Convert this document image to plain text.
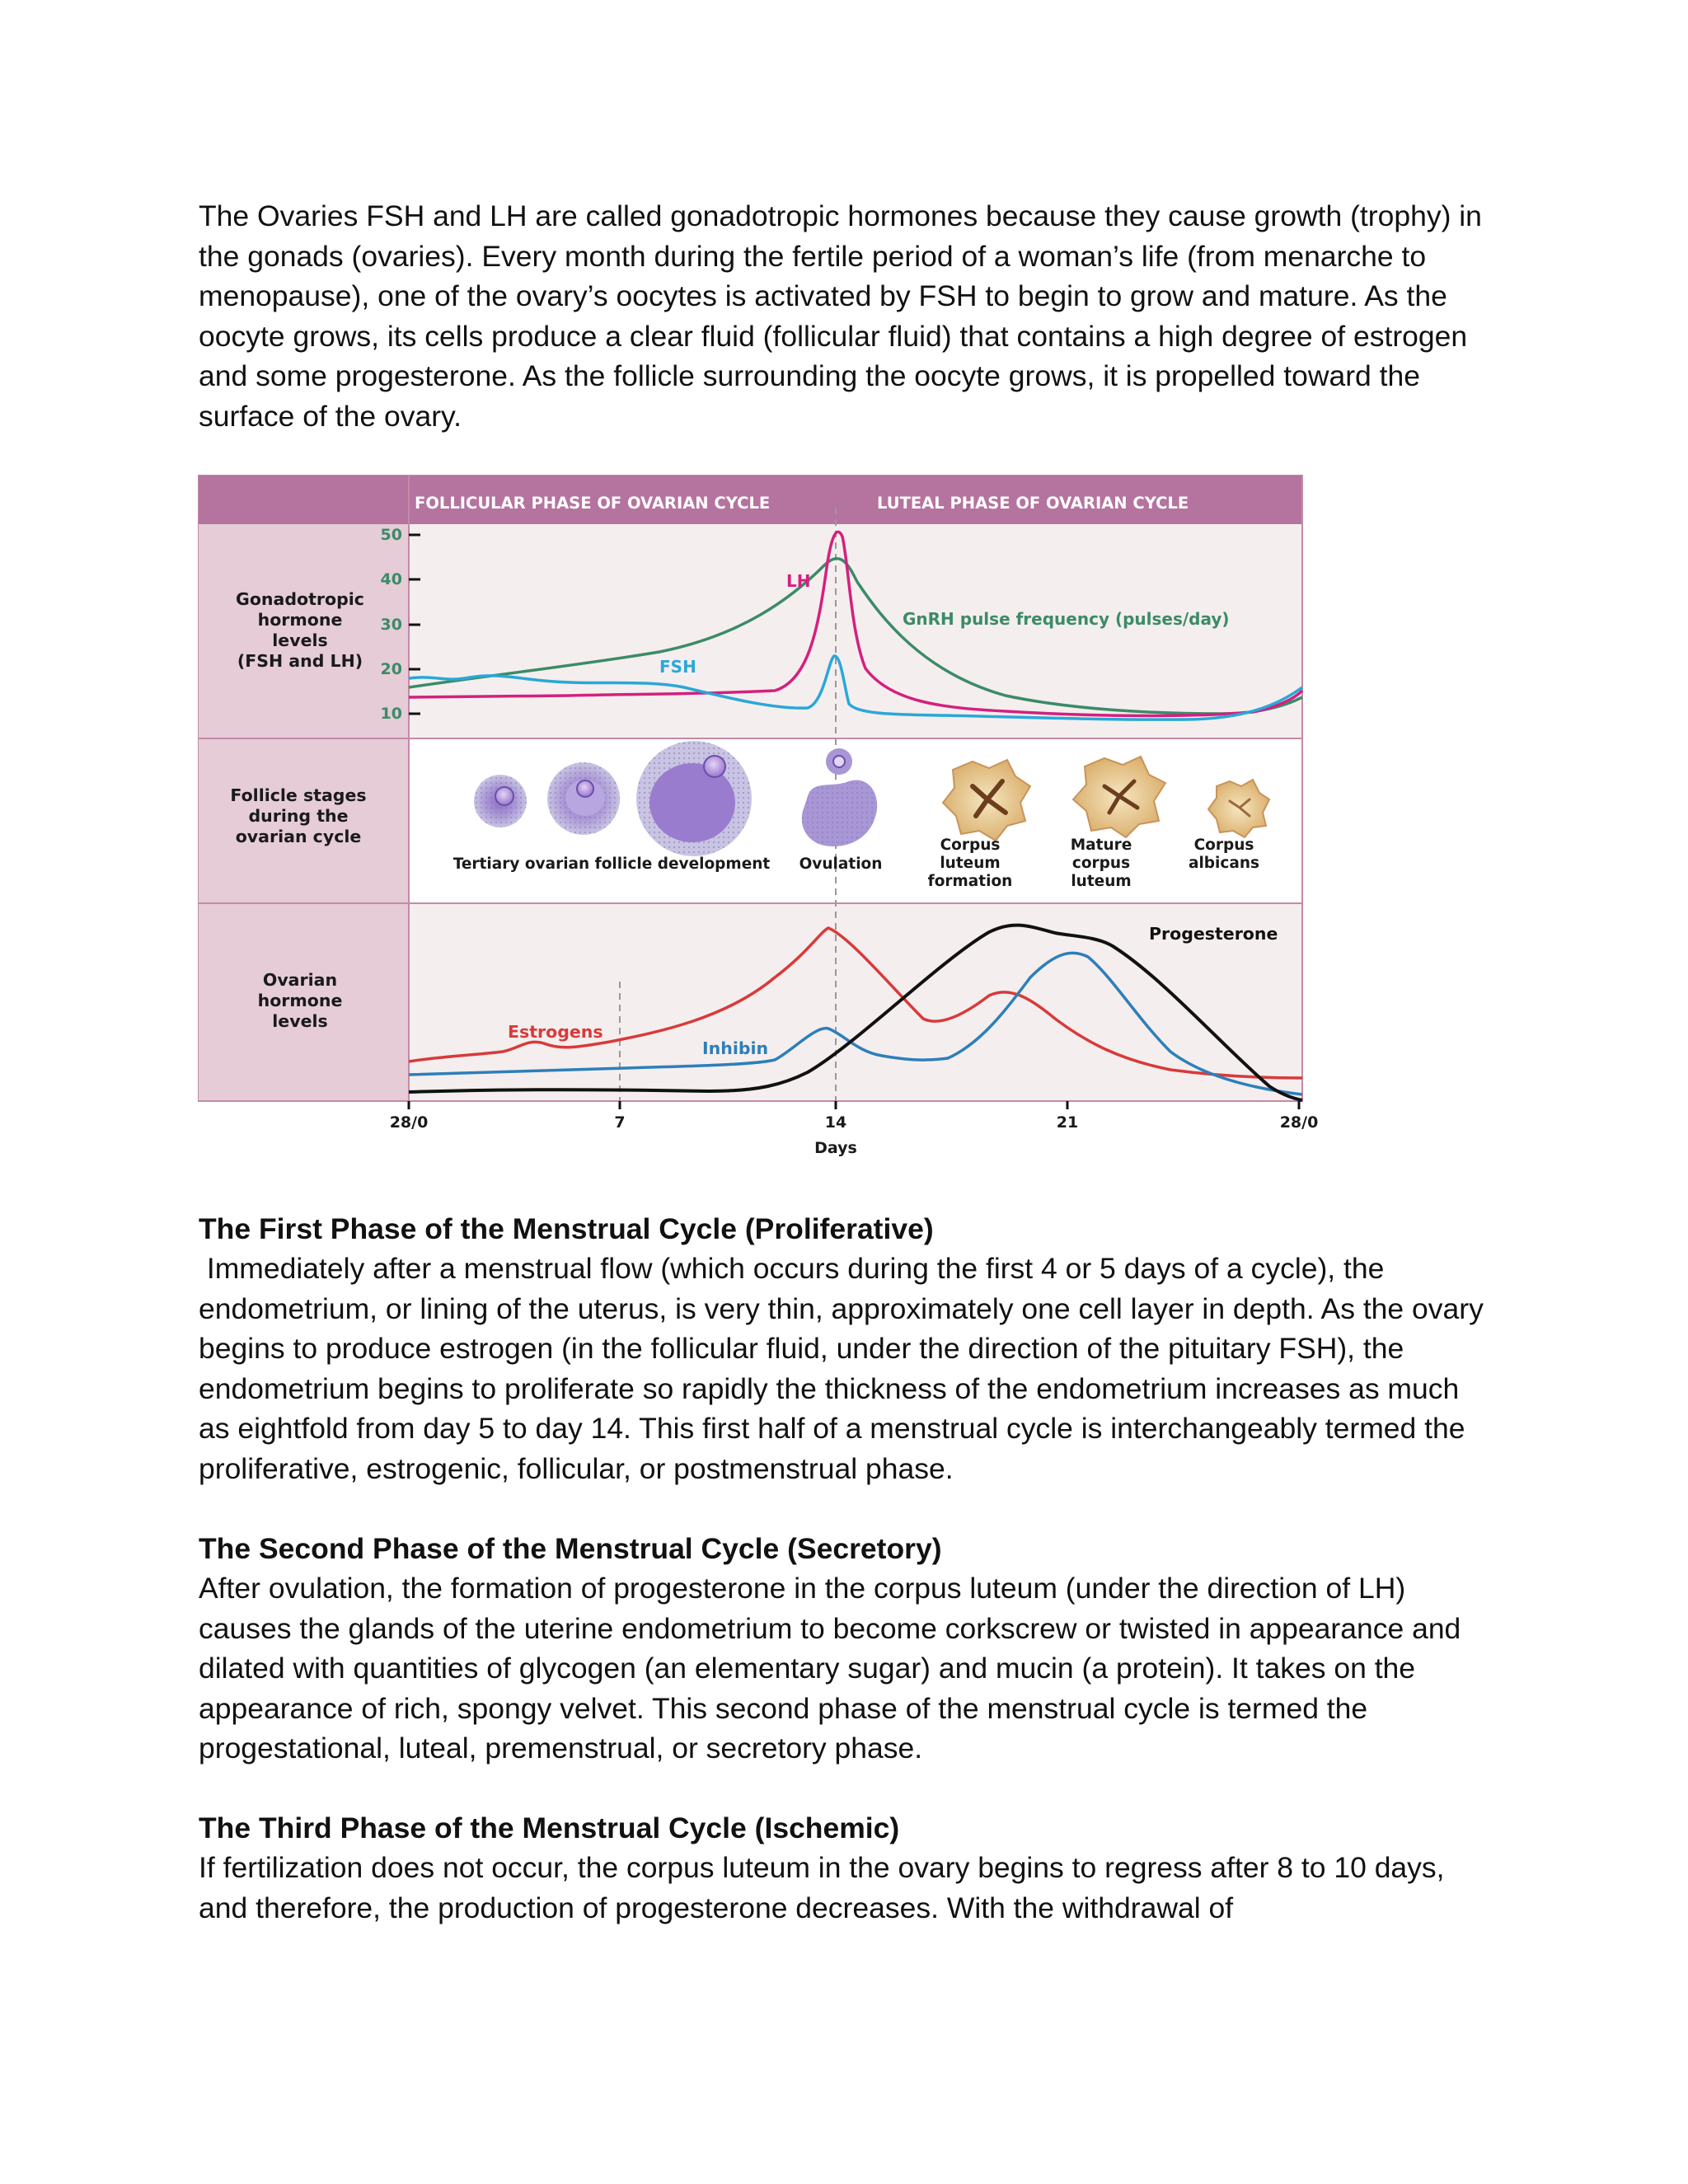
The Ovaries FSH and LH are called gonadotropic hormones because they cause growth (trophy) in the gonads (ovaries). Every month during the fertile period of a woman’s life (from menarche to menopause), one of the ovary’s oocytes is activated by FSH to begin to grow and mature. As the oocyte grows, its cells produce a clear fluid (follicular fluid) that contains a high degree of estrogen and some progesterone. As the follicle surrounding the oocyte grows, it is propelled toward the surface of the ovary.

FOLLICULAR PHASE OF OVARIAN CYCLE	LUTEAL PHASE OF OVARIAN CYCLE
Gonadotropic
hormone
levels
(FSH and LH)
Follicle stages
during the
ovarian cycle
Ovarian
hormone
levels
50
40
30
20
10
LH
FSH
GnRH pulse frequency (pulses/day)
Tertiary ovarian follicle development Ovulation
Corpus
luteum
formation
Mature
corpus
luteum
Corpus
albicans
Estrogens
Inhibin
Progesterone
28/0	7	14	21	28/0
Days

The First Phase of the Menstrual Cycle (Proliferative)

Immediately after a menstrual flow (which occurs during the first 4 or 5 days of a cycle), the endometrium, or lining of the uterus, is very thin, approximately one cell layer in depth. As the ovary begins to produce estrogen (in the follicular fluid, under the direction of the pituitary FSH), the endometrium begins to proliferate so rapidly the thickness of the endometrium increases as much as eightfold from day 5 to day 14. This first half of a menstrual cycle is interchangeably termed the proliferative, estrogenic, follicular, or postmenstrual phase.

The Second Phase of the Menstrual Cycle (Secretory)

After ovulation, the formation of progesterone in the corpus luteum (under the direction of LH) causes the glands of the uterine endometrium to become corkscrew or twisted in appearance and dilated with quantities of glycogen (an elementary sugar) and mucin (a protein). It takes on the appearance of rich, spongy velvet. This second phase of the menstrual cycle is termed the progestational, luteal, premenstrual, or secretory phase.

The Third Phase of the Menstrual Cycle (Ischemic)

If fertilization does not occur, the corpus luteum in the ovary begins to regress after 8 to 10 days, and therefore, the production of progesterone decreases. With the withdrawal of
